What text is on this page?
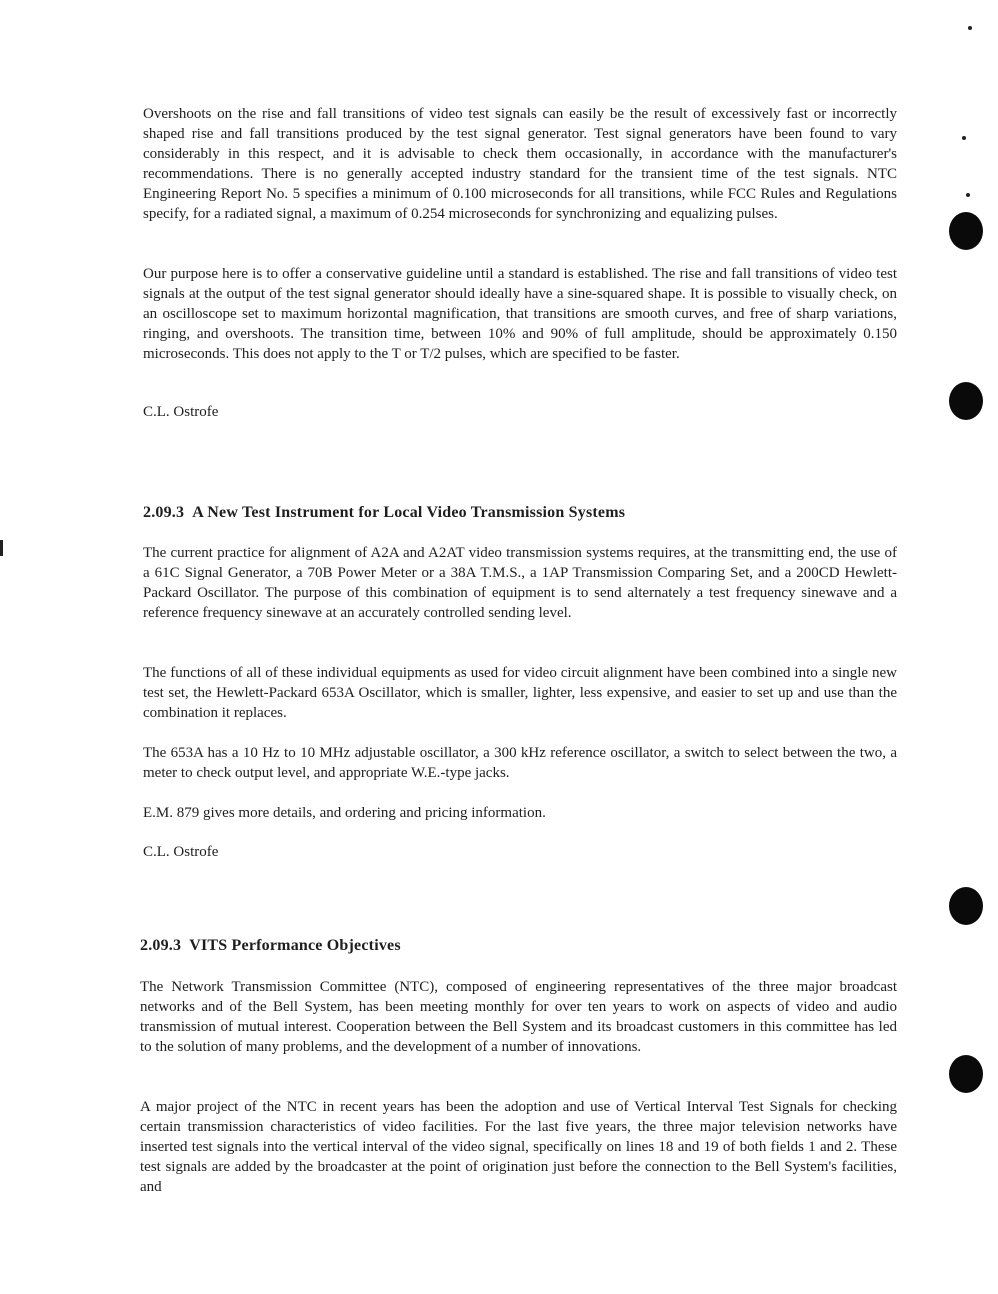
Overshoots on the rise and fall transitions of video test signals can easily be the result of excessively fast or incorrectly shaped rise and fall transitions produced by the test signal generator. Test signal generators have been found to vary considerably in this respect, and it is advisable to check them occasionally, in accordance with the manufacturer's recommendations. There is no generally accepted industry standard for the transient time of the test signals. NTC Engineering Report No. 5 specifies a minimum of 0.100 microseconds for all transitions, while FCC Rules and Regulations specify, for a radiated signal, a maximum of 0.254 microseconds for synchronizing and equalizing pulses.

Our purpose here is to offer a conservative guideline until a standard is established. The rise and fall transitions of video test signals at the output of the test signal generator should ideally have a sine-squared shape. It is possible to visually check, on an oscilloscope set to maximum horizontal magnification, that transitions are smooth curves, and free of sharp variations, ringing, and overshoots. The transition time, between 10% and 90% of full amplitude, should be approximately 0.150 microseconds. This does not apply to the T or T/2 pulses, which are specified to be faster.

C.L. Ostrofe

2.09.3 A New Test Instrument for Local Video Transmission Systems

The current practice for alignment of A2A and A2AT video transmission systems requires, at the transmitting end, the use of a 61C Signal Generator, a 70B Power Meter or a 38A T.M.S., a 1AP Transmission Comparing Set, and a 200CD Hewlett-Packard Oscillator. The purpose of this combination of equipment is to send alternately a test frequency sinewave and a reference frequency sinewave at an accurately controlled sending level.

The functions of all of these individual equipments as used for video circuit alignment have been combined into a single new test set, the Hewlett-Packard 653A Oscillator, which is smaller, lighter, less expensive, and easier to set up and use than the combination it replaces.

The 653A has a 10 Hz to 10 MHz adjustable oscillator, a 300 kHz reference oscillator, a switch to select between the two, a meter to check output level, and appropriate W.E.-type jacks.

E.M. 879 gives more details, and ordering and pricing information.

C.L. Ostrofe

2.09.3 VITS Performance Objectives

The Network Transmission Committee (NTC), composed of engineering representatives of the three major broadcast networks and of the Bell System, has been meeting monthly for over ten years to work on aspects of video and audio transmission of mutual interest. Cooperation between the Bell System and its broadcast customers in this committee has led to the solution of many problems, and the development of a number of innovations.

A major project of the NTC in recent years has been the adoption and use of Vertical Interval Test Signals for checking certain transmission characteristics of video facilities. For the last five years, the three major television networks have inserted test signals into the vertical interval of the video signal, specifically on lines 18 and 19 of both fields 1 and 2. These test signals are added by the broadcaster at the point of origination just before the connection to the Bell System's facilities, and
